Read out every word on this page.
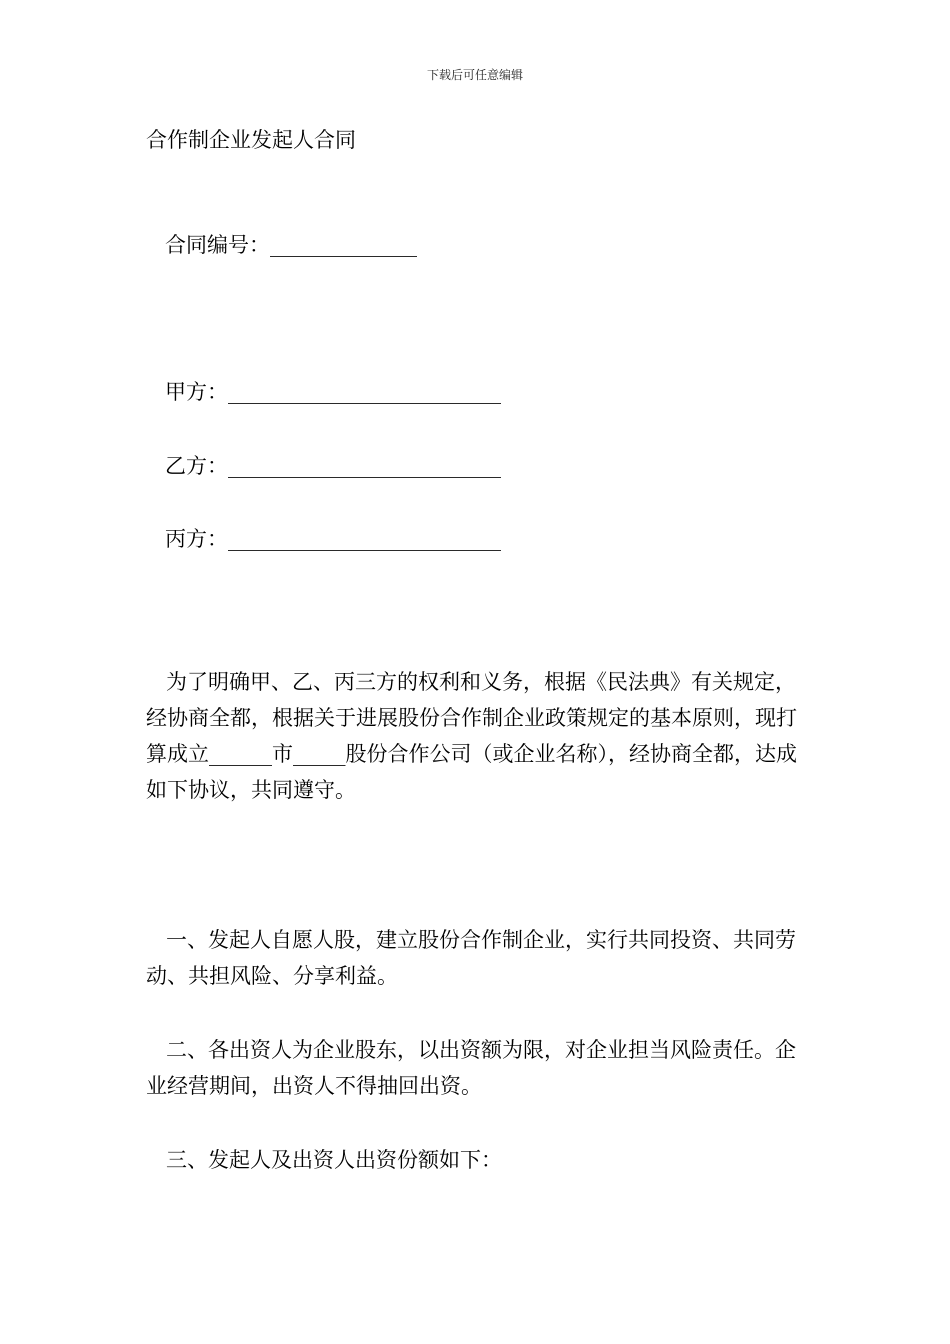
下载后可任意编辑
合作制企业发起人合同
合同编号：______________
甲方：__________________________
乙方：__________________________
丙方：__________________________
为了明确甲、乙、丙三方的权利和义务，根据《民法典》有关规定，经协商全都，根据关于进展股份合作制企业政策规定的基本原则，现打算成立______市_____股份合作公司（或企业名称），经协商全都，达成如下协议，共同遵守。
一、发起人自愿人股，建立股份合作制企业，实行共同投资、共同劳动、共担风险、分享利益。
二、各出资人为企业股东，以出资额为限，对企业担当风险责任。企业经营期间，出资人不得抽回出资。
三、发起人及出资人出资份额如下：
